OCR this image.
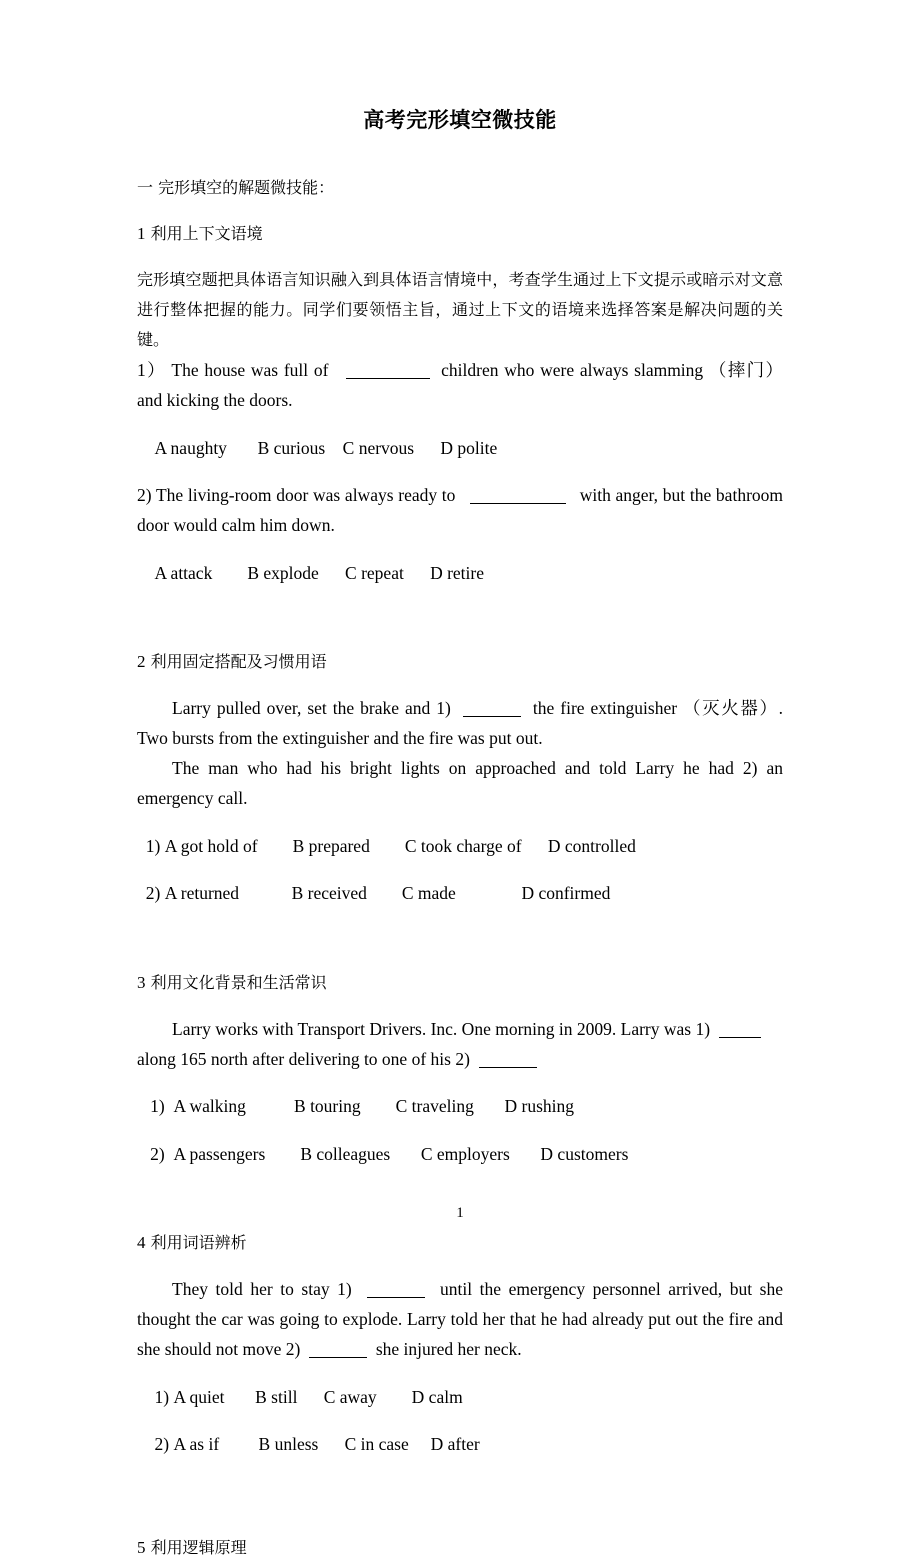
高考完形填空微技能

一 完形填空的解题微技能：

1 利用上下文语境

完形填空题把具体语言知识融入到具体语言情境中，考查学生通过上下文提示或暗示对文意进行整体把握的能力。同学们要领悟主旨，通过上下文的语境来选择答案是解决问题的关键。

1） The house was full of	children who were always slamming （摔门） and kicking the doors.

A naughty B curious C nervous D polite

2) The living-room door was always ready to	with anger, but the bathroom door would calm him down.

A attack B explode C repeat D retire

2 利用固定搭配及习惯用语

Larry pulled over, set the brake and 1)	the fire extinguisher （灭火器）. Two bursts from the extinguisher and the fire was put out.

The man who had his bright lights on approached and told Larry he had 2) an emergency call.

1) A got hold of B prepared C took charge of D controlled

2) A returned	B received C made	D confirmed

3 利用文化背景和生活常识

Larry works with Transport Drivers. Inc. One morning in 2009. Larry was 1)

along 165 north after delivering to one of his 2)

1) A walking	B touring C traveling D rushing

2) A passengers B colleagues C employers D customers

4 利用词语辨析

They told her to stay 1)	until the emergency personnel arrived, but she thought the car was going to explode. Larry told her that he had already put out the fire and she should not move 2)	she injured her neck.

1) A quiet B still C away D calm

2) A as if B unless C in case D after

5 利用逻辑原理

1
